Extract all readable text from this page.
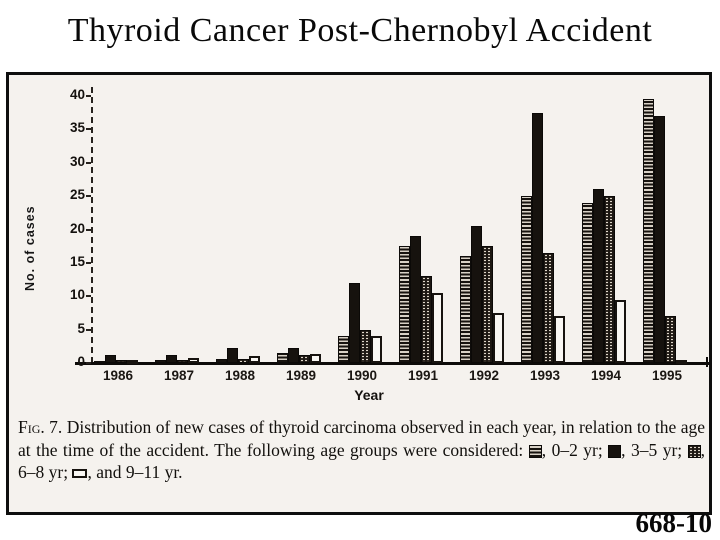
Thyroid Cancer Post-Chernobyl Accident
No. of cases
0
5
10
15
20
25
30
35
40
1986	1987	1988	1989	1990	1991	1992	1993	1994	1995
Year

Fig. 7. Distribution of new cases of thyroid carcinoma observed in each year, in relation to the age at the time of the accident. The following age groups were considered: , 0–2 yr; , 3–5 yr; , 6–8 yr; , and 9–11 yr.

668-10
